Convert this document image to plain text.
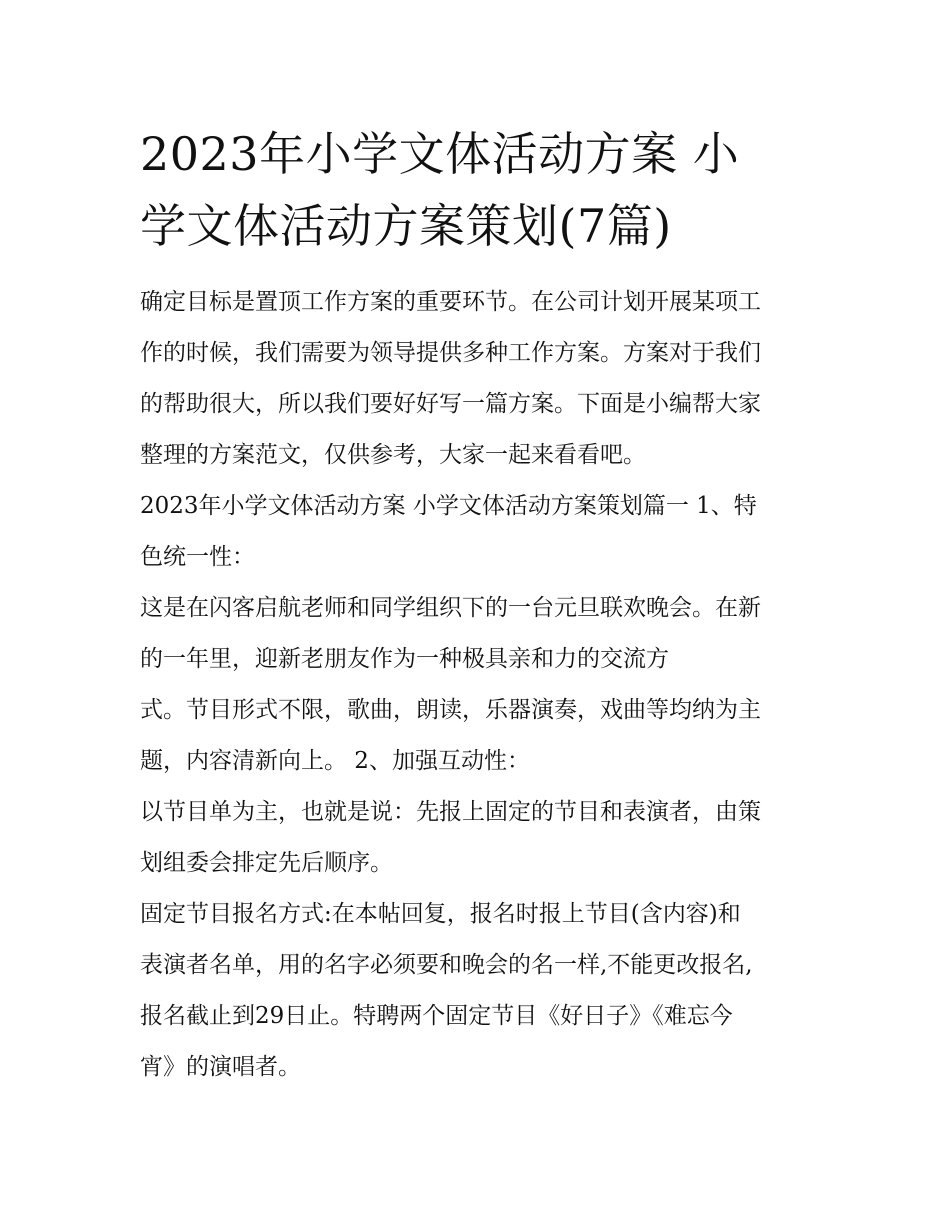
2023年小学文体活动方案 小
学文体活动方案策划(7篇)
确定目标是置顶工作方案的重要环节。在公司计划开展某项工
作的时候，我们需要为领导提供多种工作方案。方案对于我们
的帮助很大，所以我们要好好写一篇方案。下面是小编帮大家
整理的方案范文，仅供参考，大家一起来看看吧。
2023年小学文体活动方案 小学文体活动方案策划篇一 1、特
色统一性：
这是在闪客启航老师和同学组织下的一台元旦联欢晚会。在新
的一年里，迎新老朋友作为一种极具亲和力的交流方
式。节目形式不限，歌曲，朗读，乐器演奏，戏曲等均纳为主
题，内容清新向上。 2、加强互动性：
以节目单为主，也就是说：先报上固定的节目和表演者，由策
划组委会排定先后顺序。
固定节目报名方式:在本帖回复，报名时报上节目(含内容)和
表演者名单，用的名字必须要和晚会的名一样,不能更改报名,
报名截止到29日止。特聘两个固定节目《好日子》《难忘今
宵》的演唱者。
